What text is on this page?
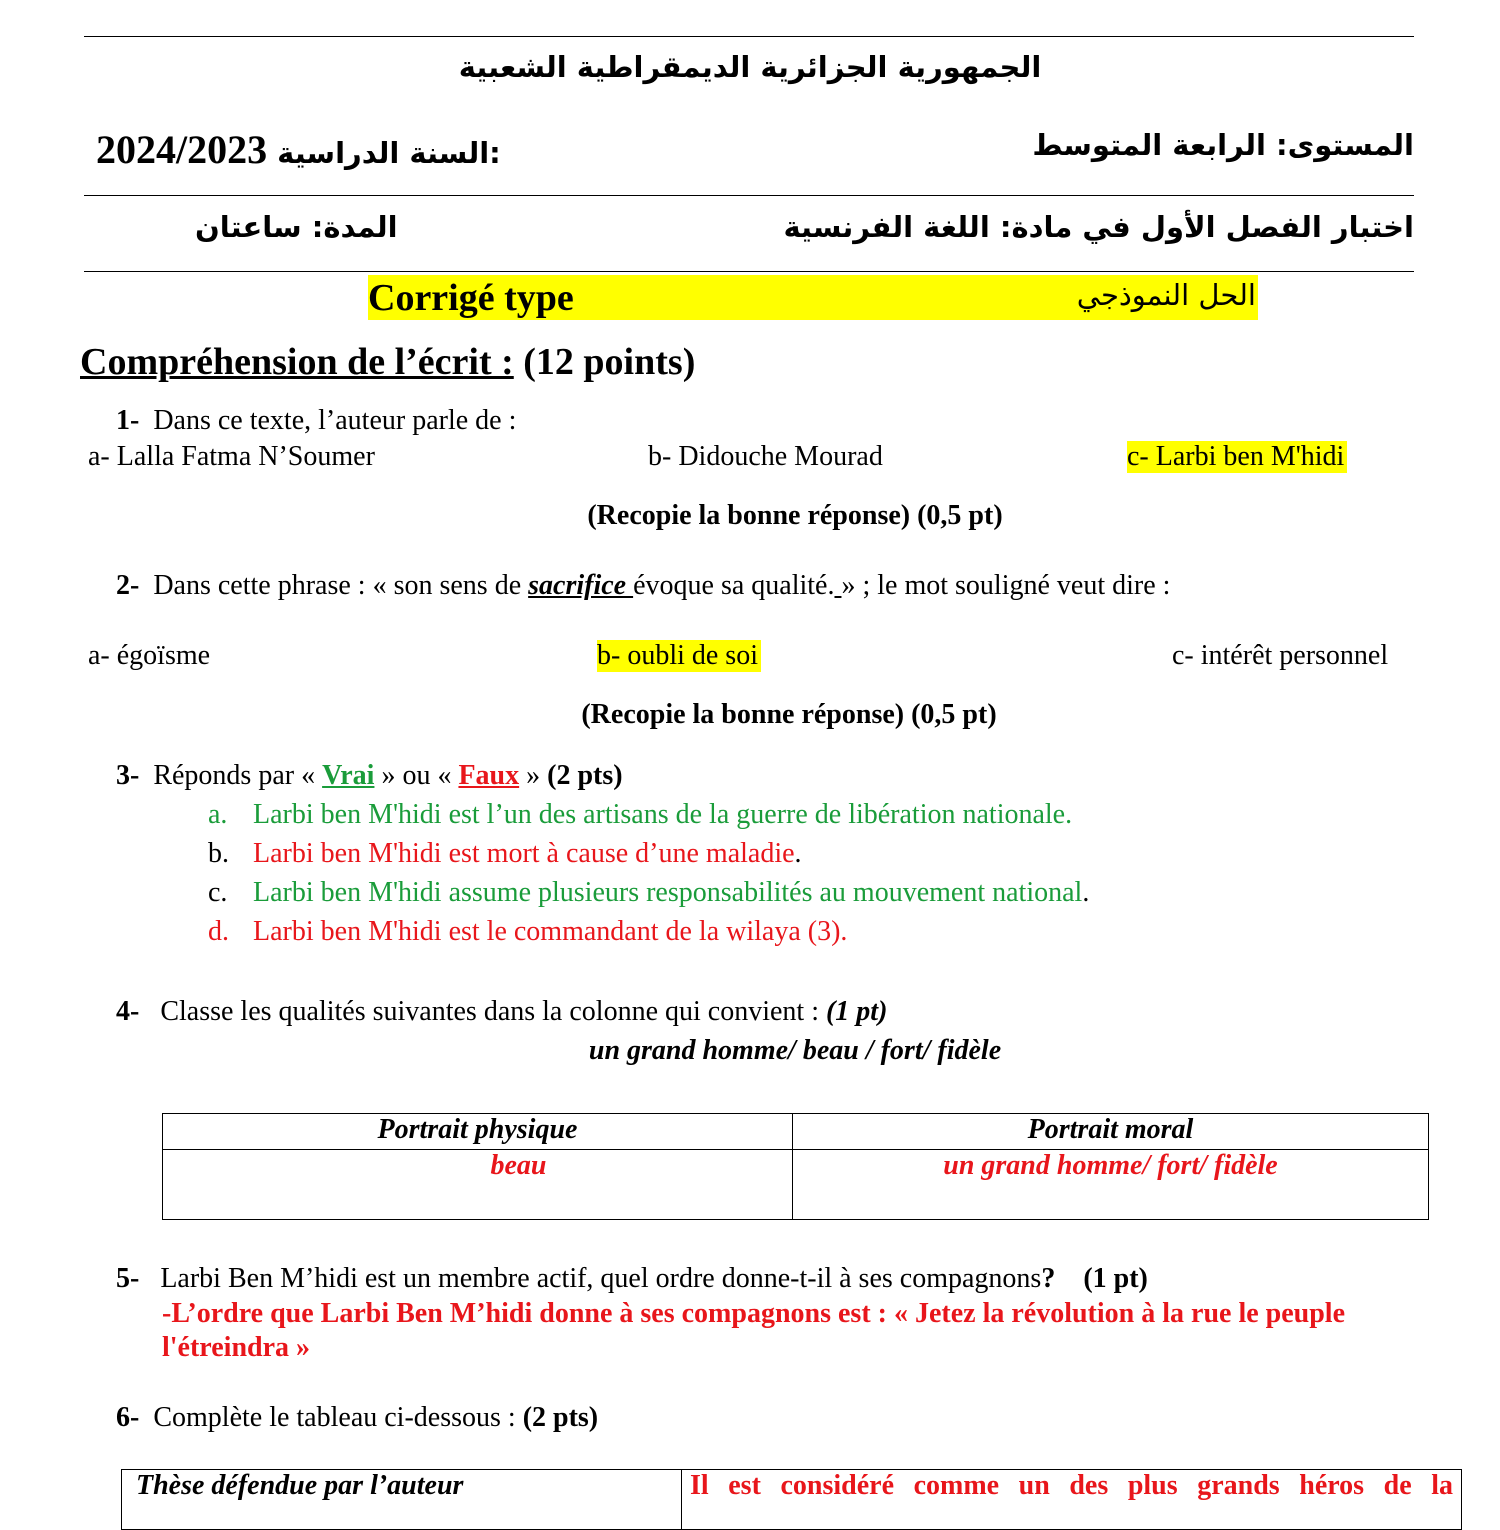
الجمهورية الجزائرية الديمقراطية الشعبية
المستوى: الرابعة المتوسط
2024/2023 السنة الدراسية:
اختبار الفصل الأول في مادة: اللغة الفرنسية
المدة: ساعتان
Corrigé type	الحل النموذجي
Compréhension de l’écrit : (12 points)
1- Dans ce texte, l’auteur parle de :
a- Lalla Fatma N’Soumer	b- Didouche Mourad	c- Larbi ben M'hidi
(Recopie la bonne réponse) (0,5 pt)
2- Dans cette phrase : « son sens de sacrifice évoque sa qualité. » ; le mot souligné veut dire :
a- égoïsme	b- oubli de soi	c- intérêt personnel
(Recopie la bonne réponse) (0,5 pt)
3- Réponds par « Vrai » ou « Faux » (2 pts)
a. Larbi ben M'hidi est l’un des artisans de la guerre de libération nationale.
b. Larbi ben M'hidi est mort à cause d’une maladie.
c. Larbi ben M'hidi assume plusieurs responsabilités au mouvement national.
d. Larbi ben M'hidi est le commandant de la wilaya (3).
4- Classe les qualités suivantes dans la colonne qui convient : (1 pt)
un grand homme/ beau / fort/ fidèle
Portrait physique	Portrait moral
beau	un grand homme/ fort/ fidèle
5- Larbi Ben M’hidi est un membre actif, quel ordre donne-t-il à ses compagnons?    (1 pt)
-L’ordre que Larbi Ben M’hidi donne à ses compagnons est : « Jetez la révolution à la rue le peuple
l'étreindra »
6- Complète le tableau ci-dessous : (2 pts)
Thèse défendue par l’auteur	Il est considéré comme un des plus grands héros de la
